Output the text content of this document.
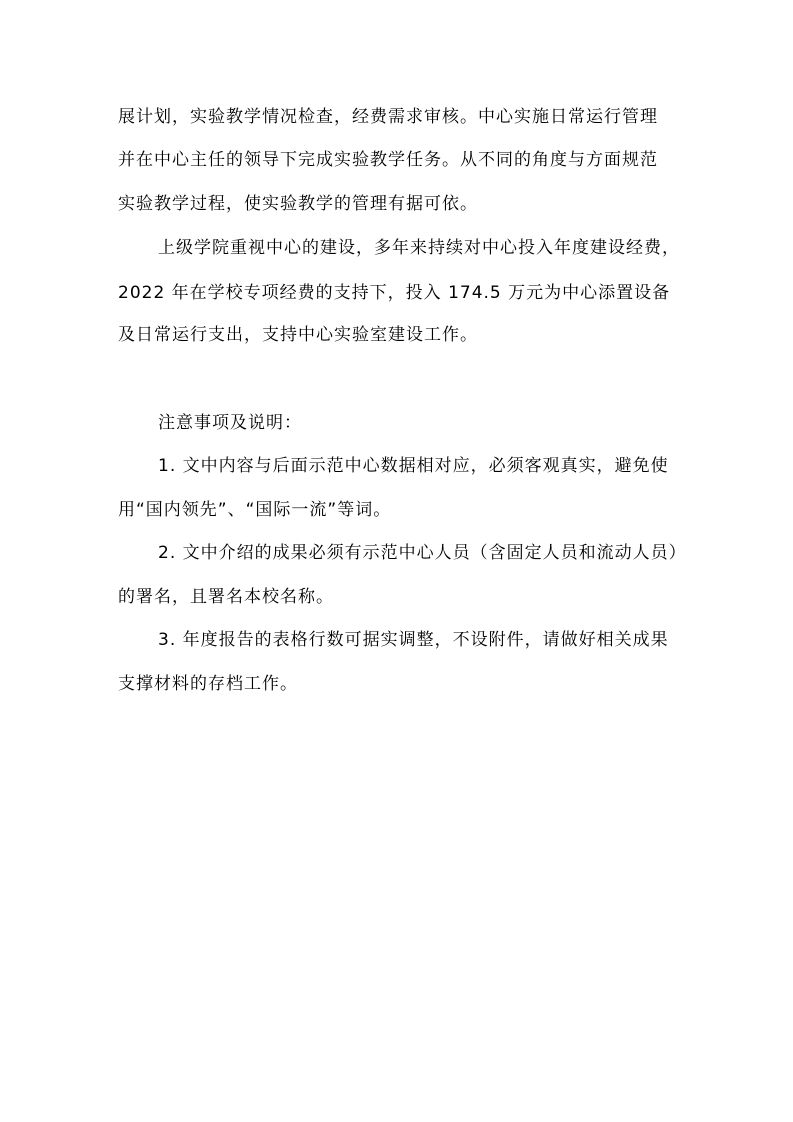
展计划，实验教学情况检查，经费需求审核。中心实施日常运行管理
并在中心主任的领导下完成实验教学任务。从不同的角度与方面规范
实验教学过程，使实验教学的管理有据可依。
上级学院重视中心的建设，多年来持续对中心投入年度建设经费，
2022 年在学校专项经费的支持下，投入 174.5 万元为中心添置设备
及日常运行支出，支持中心实验室建设工作。
注意事项及说明：
1. 文中内容与后面示范中心数据相对应，必须客观真实，避免使
用“国内领先”、“国际一流”等词。
2. 文中介绍的成果必须有示范中心人员（含固定人员和流动人员）
的署名，且署名本校名称。
3. 年度报告的表格行数可据实调整，不设附件，请做好相关成果
支撑材料的存档工作。
